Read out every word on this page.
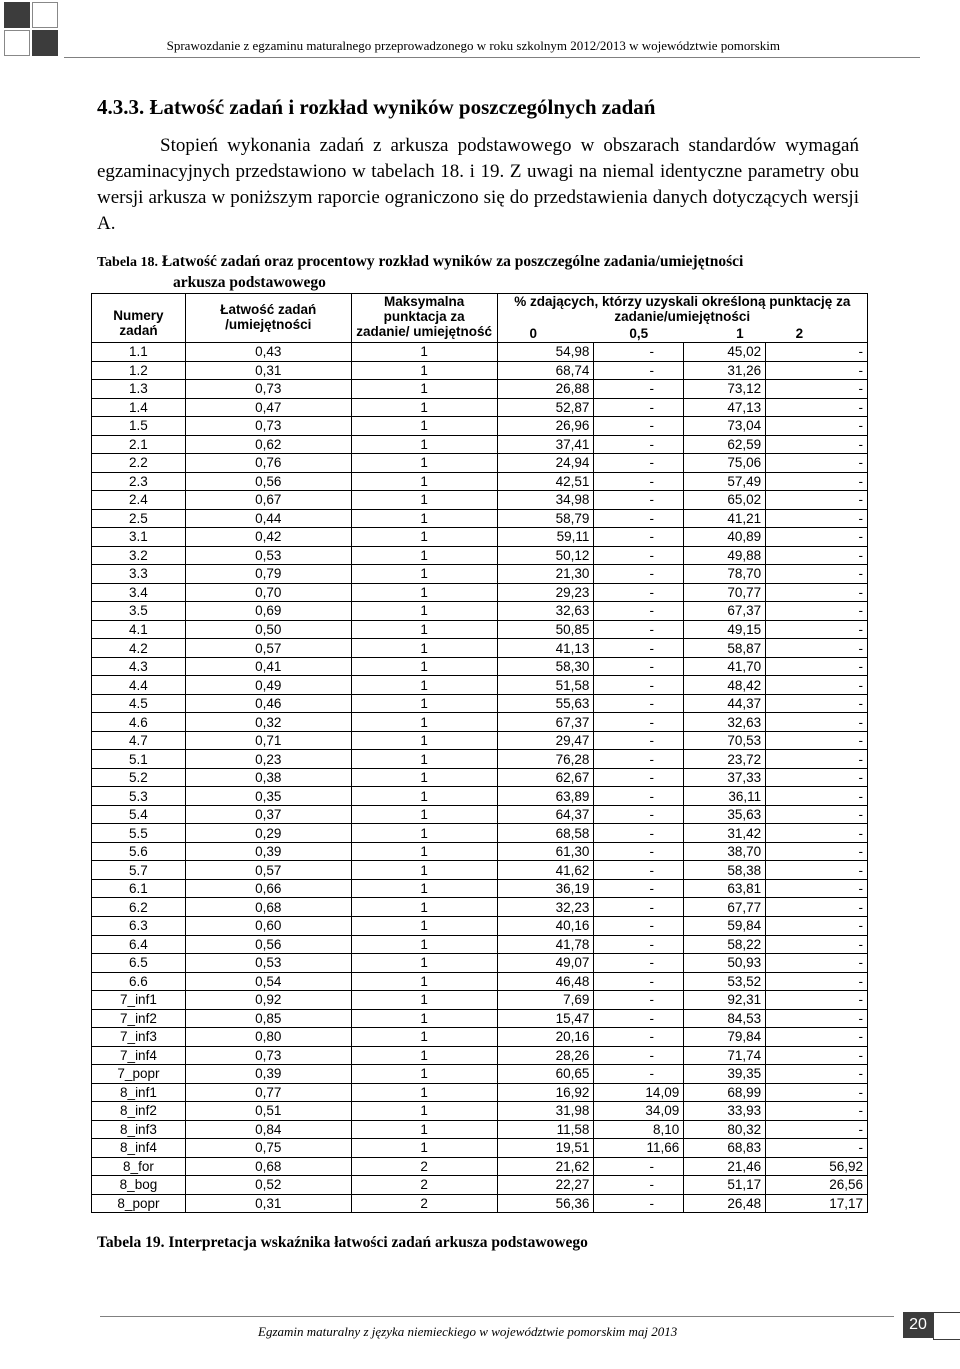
Sprawozdanie z egzaminu maturalnego przeprowadzonego w roku szkolnym 2012/2013 w województwie pomorskim
4.3.3. Łatwość zadań i rozkład wyników poszczególnych zadań

Stopień wykonania zadań z arkusza podstawowego w obszarach standardów wymagań egzaminacyjnych przedstawiono w tabelach 18. i 19. Z uwagi na niemal identyczne parametry obu wersji arkusza w poniższym raporcie ograniczono się do przedstawienia danych dotyczących wersji A.

Tabela 18. Łatwość zadań oraz procentowy rozkład wyników za poszczególne zadania/umiejętności
arkusza podstawowego
Numery zadań	Łatwość zadań /umiejętności	Maksymalna punktacja za zadanie/ umiejętność	% zdających, którzy uzyskali określoną punktację za zadanie/umiejętności			
			0	0,5	1	2
1.1	0,43	1	54,98	-	45,02	-
1.2	0,31	1	68,74	-	31,26	-
1.3	0,73	1	26,88	-	73,12	-
1.4	0,47	1	52,87	-	47,13	-
1.5	0,73	1	26,96	-	73,04	-
2.1	0,62	1	37,41	-	62,59	-
2.2	0,76	1	24,94	-	75,06	-
2.3	0,56	1	42,51	-	57,49	-
2.4	0,67	1	34,98	-	65,02	-
2.5	0,44	1	58,79	-	41,21	-
3.1	0,42	1	59,11	-	40,89	-
3.2	0,53	1	50,12	-	49,88	-
3.3	0,79	1	21,30	-	78,70	-
3.4	0,70	1	29,23	-	70,77	-
3.5	0,69	1	32,63	-	67,37	-
4.1	0,50	1	50,85	-	49,15	-
4.2	0,57	1	41,13	-	58,87	-
4.3	0,41	1	58,30	-	41,70	-
4.4	0,49	1	51,58	-	48,42	-
4.5	0,46	1	55,63	-	44,37	-
4.6	0,32	1	67,37	-	32,63	-
4.7	0,71	1	29,47	-	70,53	-
5.1	0,23	1	76,28	-	23,72	-
5.2	0,38	1	62,67	-	37,33	-
5.3	0,35	1	63,89	-	36,11	-
5.4	0,37	1	64,37	-	35,63	-
5.5	0,29	1	68,58	-	31,42	-
5.6	0,39	1	61,30	-	38,70	-
5.7	0,57	1	41,62	-	58,38	-
6.1	0,66	1	36,19	-	63,81	-
6.2	0,68	1	32,23	-	67,77	-
6.3	0,60	1	40,16	-	59,84	-
6.4	0,56	1	41,78	-	58,22	-
6.5	0,53	1	49,07	-	50,93	-
6.6	0,54	1	46,48	-	53,52	-
7_inf1	0,92	1	7,69	-	92,31	-
7_inf2	0,85	1	15,47	-	84,53	-
7_inf3	0,80	1	20,16	-	79,84	-
7_inf4	0,73	1	28,26	-	71,74	-
7_popr	0,39	1	60,65	-	39,35	-
8_inf1	0,77	1	16,92	14,09	68,99	-
8_inf2	0,51	1	31,98	34,09	33,93	-
8_inf3	0,84	1	11,58	8,10	80,32	-
8_inf4	0,75	1	19,51	11,66	68,83	-
8_for	0,68	2	21,62	-	21,46	56,92
8_bog	0,52	2	22,27	-	51,17	26,56
8_popr	0,31	2	56,36	-	26,48	17,17
Tabela 19. Interpretacja wskaźnika łatwości zadań arkusza podstawowego
Egzamin maturalny z języka niemieckiego w województwie pomorskim maj 2013	20
